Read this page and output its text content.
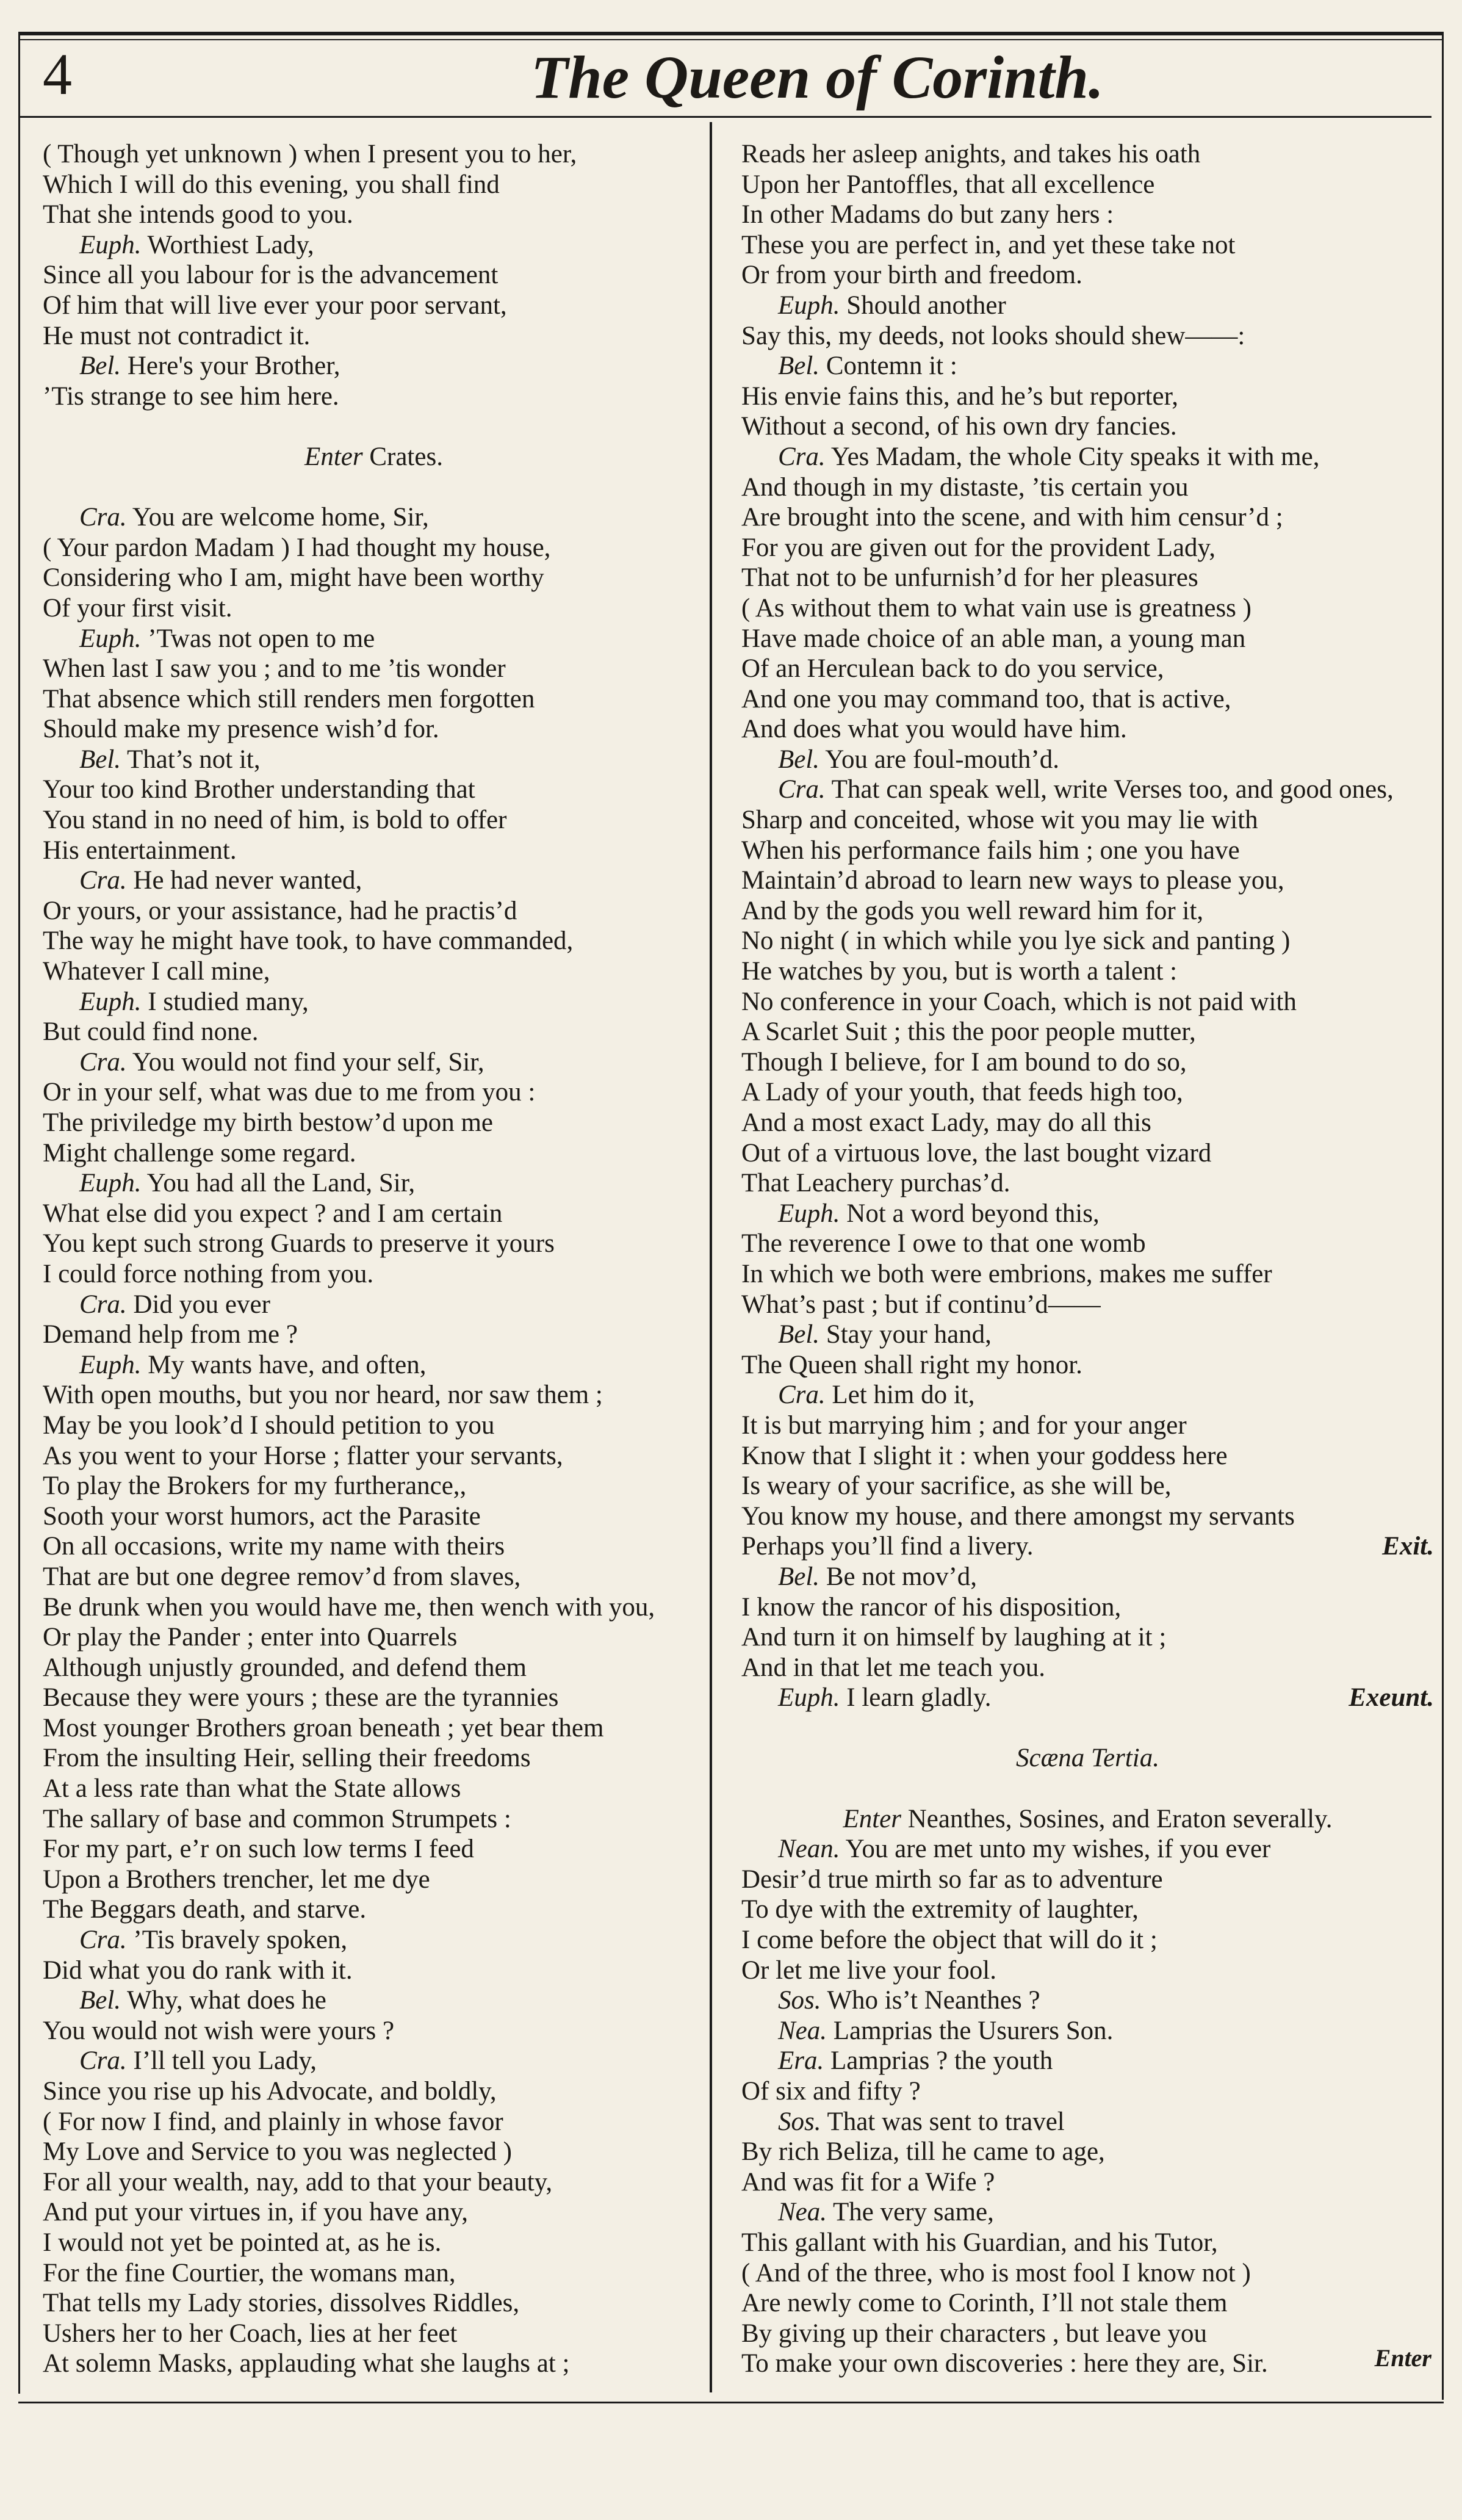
4	The Queen of Corinth.
( Though yet unknown ) when I present you to her,
Which I will do this evening, you shall find
That she intends good to you.
Euph. Worthiest Lady,
Since all you labour for is the advancement
Of him that will live ever your poor servant,
He must not contradict it.
Bel. Here's your Brother,
’Tis strange to see him here.
Enter Crates.
Cra. You are welcome home, Sir,
( Your pardon Madam ) I had thought my house,
Considering who I am, might have been worthy
Of your first visit.
Euph. ’Twas not open to me
When last I saw you ; and to me ’tis wonder
That absence which still renders men forgotten
Should make my presence wish’d for.
Bel. That’s not it,
Your too kind Brother understanding that
You stand in no need of him, is bold to offer
His entertainment.
Cra. He had never wanted,
Or yours, or your assistance, had he practis’d
The way he might have took, to have commanded,
Whatever I call mine,
Euph. I studied many,
But could find none.
Cra. You would not find your self, Sir,
Or in your self, what was due to me from you :
The priviledge my birth bestow’d upon me
Might challenge some regard.
Euph. You had all the Land, Sir,
What else did you expect ? and I am certain
You kept such strong Guards to preserve it yours
I could force nothing from you.
Cra. Did you ever
Demand help from me ?
Euph. My wants have, and often,
With open mouths, but you nor heard, nor saw them ;
May be you look’d I should petition to you
As you went to your Horse ; flatter your servants,
To play the Brokers for my furtherance,,
Sooth your worst humors, act the Parasite
On all occasions, write my name with theirs
That are but one degree remov’d from slaves,
Be drunk when you would have me, then wench with you,
Or play the Pander ; enter into Quarrels
Although unjustly grounded, and defend them
Because they were yours ; these are the tyrannies
Most younger Brothers groan beneath ; yet bear them
From the insulting Heir, selling their freedoms
At a less rate than what the State allows
The sallary of base and common Strumpets :
For my part, e’r on such low terms I feed
Upon a Brothers trencher, let me dye
The Beggars death, and starve.
Cra. ’Tis bravely spoken,
Did what you do rank with it.
Bel. Why, what does he
You would not wish were yours ?
Cra. I’ll tell you Lady,
Since you rise up his Advocate, and boldly,
( For now I find, and plainly in whose favor
My Love and Service to you was neglected )
For all your wealth, nay, add to that your beauty,
And put your virtues in, if you have any,
I would not yet be pointed at, as he is.
For the fine Courtier, the womans man,
That tells my Lady stories, dissolves Riddles,
Ushers her to her Coach, lies at her feet
At solemn Masks, applauding what she laughs at ;
Reads her asleep anights, and takes his oath
Upon her Pantoffles, that all excellence
In other Madams do but zany hers :
These you are perfect in, and yet these take not
Or from your birth and freedom.
Euph. Should another
Say this, my deeds, not looks should shew——:
Bel. Contemn it :
His envie fains this, and he’s but reporter,
Without a second, of his own dry fancies.
Cra. Yes Madam, the whole City speaks it with me,
And though in my distaste, ’tis certain you
Are brought into the scene, and with him censur’d ;
For you are given out for the provident Lady,
That not to be unfurnish’d for her pleasures
( As without them to what vain use is greatness )
Have made choice of an able man, a young man
Of an Herculean back to do you service,
And one you may command too, that is active,
And does what you would have him.
Bel. You are foul-mouth’d.
Cra. That can speak well, write Verses too, and good ones,
Sharp and conceited, whose wit you may lie with
When his performance fails him ; one you have
Maintain’d abroad to learn new ways to please you,
And by the gods you well reward him for it,
No night ( in which while you lye sick and panting )
He watches by you, but is worth a talent :
No conference in your Coach, which is not paid with
A Scarlet Suit ; this the poor people mutter,
Though I believe, for I am bound to do so,
A Lady of your youth, that feeds high too,
And a most exact Lady, may do all this
Out of a virtuous love, the last bought vizard
That Leachery purchas’d.
Euph. Not a word beyond this,
The reverence I owe to that one womb
In which we both were embrions, makes me suffer
What’s past ; but if continu’d——
Bel. Stay your hand,
The Queen shall right my honor.
Cra. Let him do it,
It is but marrying him ; and for your anger
Know that I slight it : when your goddess here
Is weary of your sacrifice, as she will be,
You know my house, and there amongst my servants
Perhaps you’ll find a livery.	Exit.
Bel. Be not mov’d,
I know the rancor of his disposition,
And turn it on himself by laughing at it ;
And in that let me teach you.
Euph. I learn gladly.	Exeunt.
Scæna Tertia.
Enter Neanthes, Sosines, and Eraton severally.
Nean. You are met unto my wishes, if you ever
Desir’d true mirth so far as to adventure
To dye with the extremity of laughter,
I come before the object that will do it ;
Or let me live your fool.
Sos. Who is’t Neanthes ?
Nea. Lamprias the Usurers Son.
Era. Lamprias ? the youth
Of six and fifty ?
Sos. That was sent to travel
By rich Beliza, till he came to age,
And was fit for a Wife ?
Nea. The very same,
This gallant with his Guardian, and his Tutor,
( And of the three, who is most fool I know not )
Are newly come to Corinth, I’ll not stale them
By giving up their characters , but leave you
To make your own discoveries : here they are, Sir.	Enter
